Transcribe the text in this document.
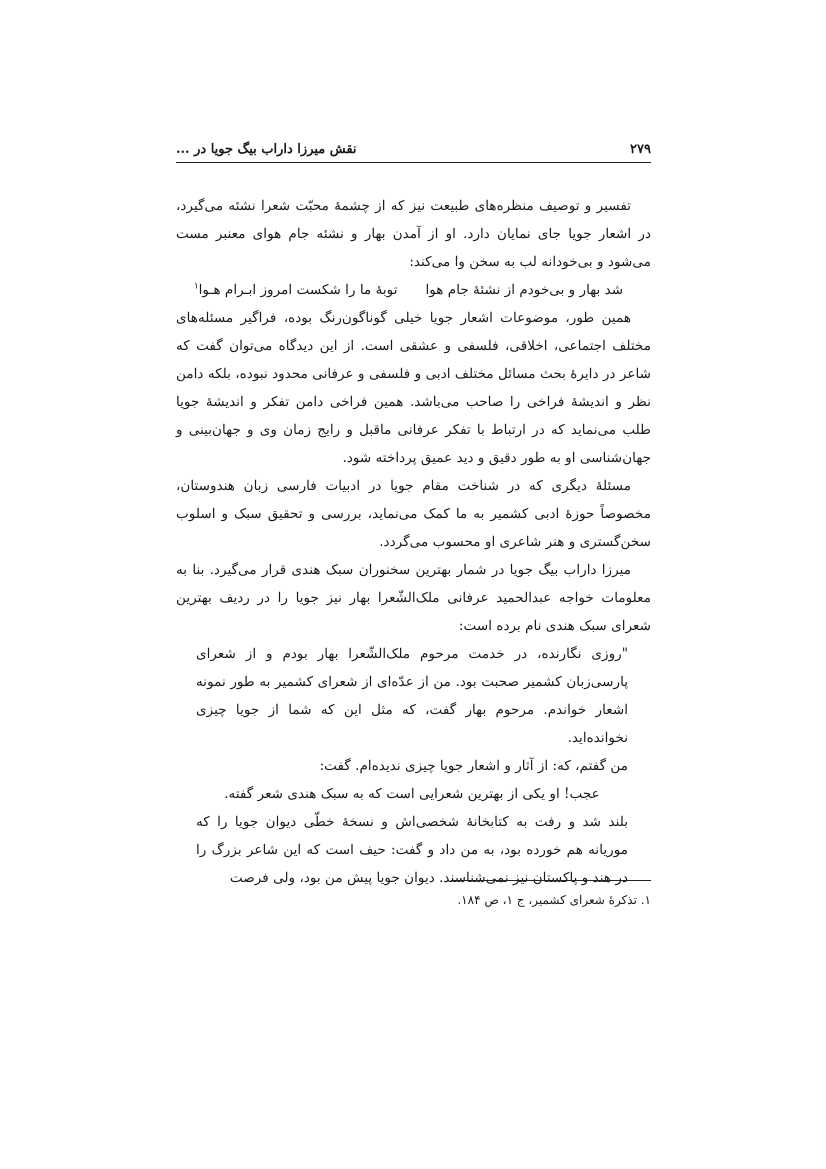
۲۷۹
نقش میرزا داراب بیگ جویا در ...

تفسیر و توصیف منظره‌های طبیعت نیز که از چشمهٔ محبّت شعرا نشئه می‌گیرد، در اشعار جویا جای نمایان دارد. او از آمدن بهار و نشئه جام هوای معنبر مست می‌شود و بی‌خودانه لب به سخن وا می‌کند:

شد بهار و بی‌خودم از نشئهٔ جام هواتوبهٔ ما را شکست امروز ابـرام هـوا$^۱$

همین طور، موضوعات اشعار جویا خیلی گوناگون‌رنگ بوده، فراگیر مسئله‌های مختلف اجتماعی، اخلاقی، فلسفی و عشقی است. از این دیدگاه می‌توان گفت که شاعر در دایرهٔ بحث مسائل مختلف ادبی و فلسفی و عرفانی محدود نبوده، بلکه دامن نظر و اندیشهٔ فراخی را صاحب می‌باشد. همین فراخی دامن تفکر و اندیشهٔ جویا طلب می‌نماید که در ارتباط با تفکر عرفانی ماقبل و رایج زمان وی و جهان‌بینی و جهان‌شناسی او به طور دقیق و دید عمیق پرداخته شود.

مسئلهٔ دیگری که در شناخت مقام جویا در ادبیات فارسی زبان هندوستان، مخصوصاً حوزهٔ ادبی کشمیر به ما کمک می‌نماید، بررسی و تحقیق سبک و اسلوب سخن‌گستری و هنر شاعری او محسوب می‌گردد.

میرزا داراب بیگ جویا در شمار بهترین سخنوران سبک هندی قرار می‌گیرد. بنا به معلومات خواجه عبدالحمید عرفانی ملک‌الشّعرا بهار نیز جویا را در ردیف بهترین شعرای سبک هندی نام برده است:

"روزی نگارنده، در خدمت مرحوم ملک‌الشّعرا بهار بودم و از شعرای پارسی‌زبان کشمیر صحبت بود. من از عدّه‌ای از شعرای کشمیر به طور نمونه اشعار خواندم. مرحوم بهار گفت، که مثل این که شما از جویا چیزی نخوانده‌اید.

من گفتم، که: از آثار و اشعار جویا چیزی ندیده‌ام. گفت:

عجب! او یکی از بهترین شعرایی است که به سبک هندی شعر گفته.

بلند شد و رفت به کتابخانهٔ شخصی‌اش و نسخهٔ خطّی دیوان جویا را که موریانه هم خورده بود، به من داد و گفت: حیف است که این شاعر بزرگ را در هند و پاکستان نیز نمی‌شناسند. دیوان جویا پیش من بود، ولی فرصت

۱. تذکرهٔ شعرای کشمیر، ج ۱، ص ۱۸۴.
